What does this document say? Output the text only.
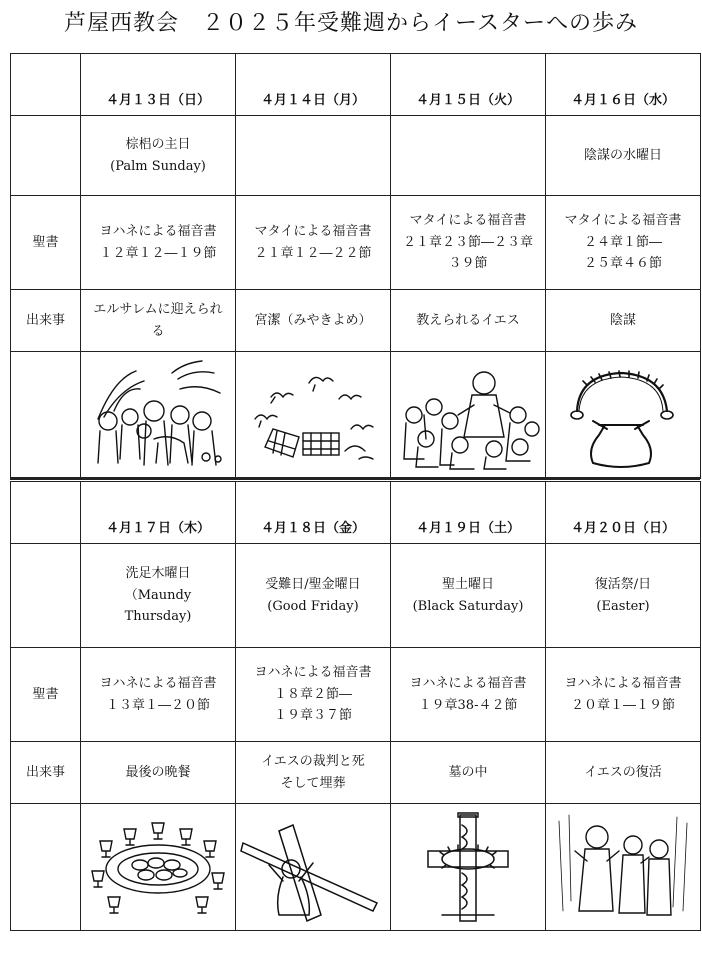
芦屋西教会　２０２５年受難週からイースターへの歩み
	４月１３日（日）	４月１４日（月）	４月１５日（火）	４月１６日（水）
	棕梠の主日
(Palm Sunday)			陰謀の水曜日
聖書	ヨハネによる福音書
１２章１２―１９節	マタイによる福音書
２１章１２―２２節	マタイによる福音書
２１章２３節―２３章
３９節	マタイによる福音書
２４章１節―
２５章４６節
出来事	エルサレムに迎えられ
る	宮潔（みやきよめ）	教えられるイエス	陰謀

	４月１７日（木）	４月１８日（金）	４月１９日（土）	４月２０日（日）
	洗足木曜日
（Maundy
Thursday)	受難日/聖金曜日
(Good Friday)	聖土曜日
(Black Saturday)	復活祭/日
(Easter)
聖書	ヨハネによる福音書
１３章１―２０節	ヨハネによる福音書
１８章２節―
１９章３７節	ヨハネによる福音書
１９章38-４２節	ヨハネによる福音書
２０章１―１９節
出来事	最後の晩餐	イエスの裁判と死
そして埋葬	墓の中	イエスの復活
